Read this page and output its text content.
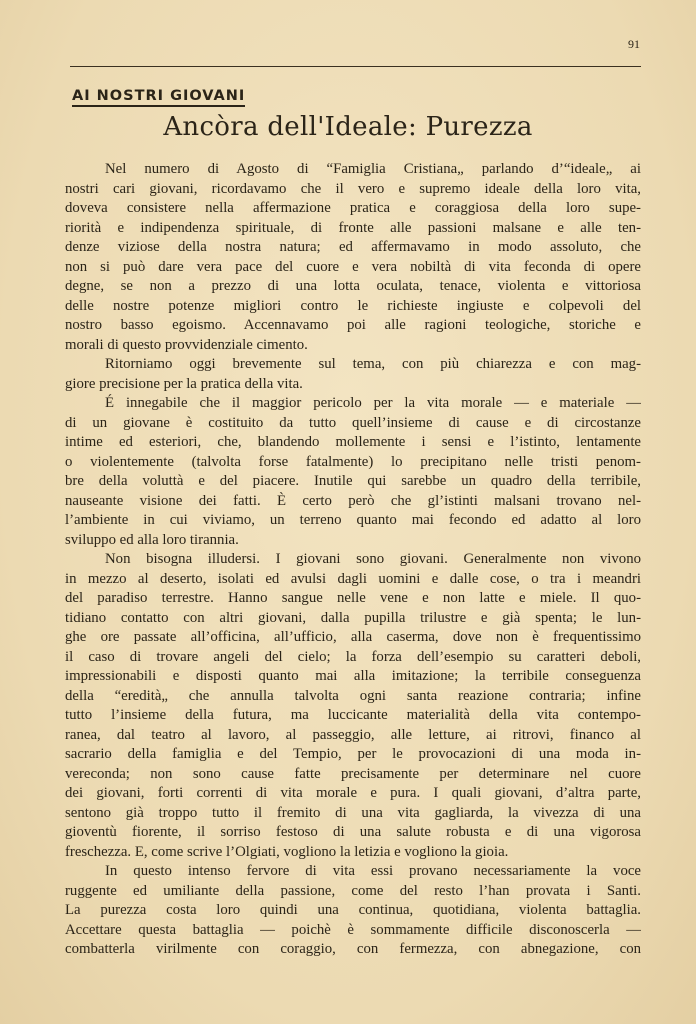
91
AI NOSTRI GIOVANI
Ancòra dell'Ideale: Purezza
Nel numero di Agosto di “Famiglia Cristiana„ parlando d’“ideale„ ai
nostri cari giovani, ricordavamo che il vero e supremo ideale della loro vita,
doveva consistere nella affermazione pratica e coraggiosa della loro supe-
riorità e indipendenza spirituale, di fronte alle passioni malsane e alle ten-
denze viziose della nostra natura; ed affermavamo in modo assoluto, che
non si può dare vera pace del cuore e vera nobiltà di vita feconda di opere
degne, se non a prezzo di una lotta oculata, tenace, violenta e vittoriosa
delle nostre potenze migliori contro le richieste ingiuste e colpevoli del
nostro basso egoismo. Accennavamo poi alle ragioni teologiche, storiche e
morali di questo provvidenziale cimento.
Ritorniamo oggi brevemente sul tema, con più chiarezza e con mag-
giore precisione per la pratica della vita.
É innegabile che il maggior pericolo per la vita morale — e materiale —
di un giovane è costituito da tutto quell’insieme di cause e di circostanze
intime ed esteriori, che, blandendo mollemente i sensi e l’istinto, lentamente
o violentemente (talvolta forse fatalmente) lo precipitano nelle tristi penom-
bre della voluttà e del piacere. Inutile qui sarebbe un quadro della terribile,
nauseante visione dei fatti. È certo però che gl’istinti malsani trovano nel-
l’ambiente in cui viviamo, un terreno quanto mai fecondo ed adatto al loro
sviluppo ed alla loro tirannia.
Non bisogna illudersi. I giovani sono giovani. Generalmente non vivono
in mezzo al deserto, isolati ed avulsi dagli uomini e dalle cose, o tra i meandri
del paradiso terrestre. Hanno sangue nelle vene e non latte e miele. Il quo-
tidiano contatto con altri giovani, dalla pupilla trilustre e già spenta; le lun-
ghe ore passate all’officina, all’ufficio, alla caserma, dove non è frequentissimo
il caso di trovare angeli del cielo; la forza dell’esempio su caratteri deboli,
impressionabili e disposti quanto mai alla imitazione; la terribile conseguenza
della “eredità„ che annulla talvolta ogni santa reazione contraria; infine
tutto l’insieme della futura, ma luccicante materialità della vita contempo-
ranea, dal teatro al lavoro, al passeggio, alle letture, ai ritrovi, financo al
sacrario della famiglia e del Tempio, per le provocazioni di una moda in-
vereconda; non sono cause fatte precisamente per determinare nel cuore
dei giovani, forti correnti di vita morale e pura. I quali giovani, d’altra parte,
sentono già troppo tutto il fremito di una vita gagliarda, la vivezza di una
gioventù fiorente, il sorriso festoso di una salute robusta e di una vigorosa
freschezza. E, come scrive l’Olgiati, vogliono la letizia e vogliono la gioia.
In questo intenso fervore di vita essi provano necessariamente la voce
ruggente ed umiliante della passione, come del resto l’han provata i Santi.
La purezza costa loro quindi una continua, quotidiana, violenta battaglia.
Accettare questa battaglia — poichè è sommamente difficile disconoscerla —
combatterla virilmente con coraggio, con fermezza, con abnegazione, con
